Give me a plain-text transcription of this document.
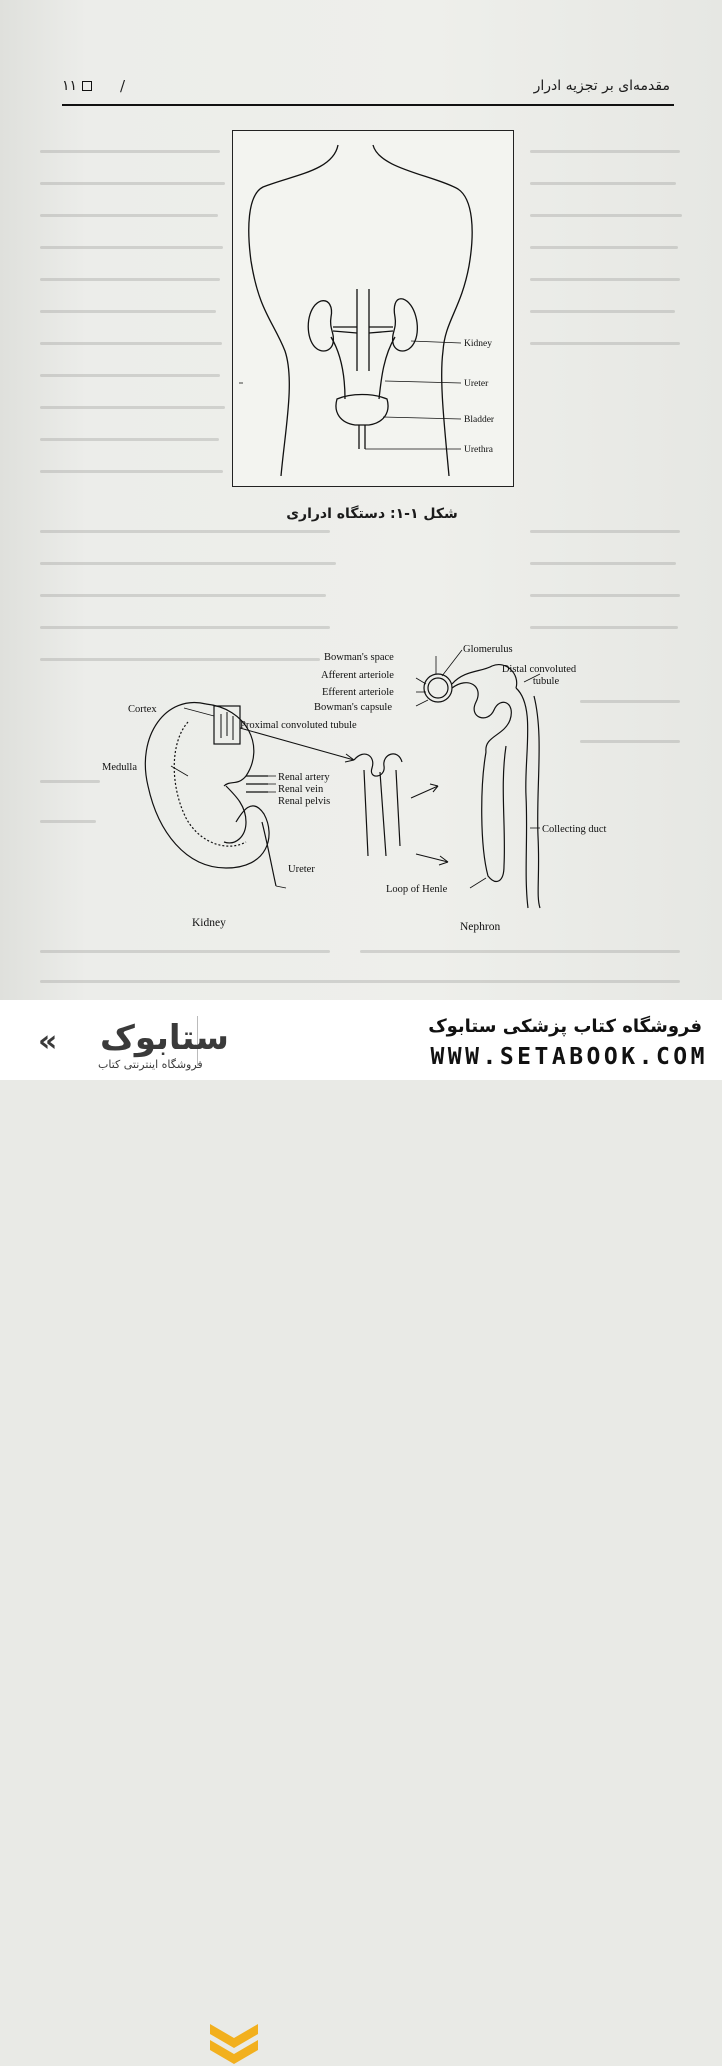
مقدمه‌ای بر تجزیه ادرار
۱۱	/
Kidney
Ureter
Bladder
Urethra
شکل ۱-۱: دستگاه ادراری
Bowman's space
Glomerulus
Afferent arteriole
Efferent arteriole
Bowman's capsule
Distal convoluted
tubule
Cortex
Proximal convoluted tubule
Medulla
Renal artery
Renal vein
Renal pelvis
Collecting duct
Ureter
Loop of Henle
Kidney	Nephron
ستابوک
فروشگاه اینترنتی کتاب
«	فروشگاه کتاب پزشکی ستابوک
WWW.SETABOOK.COM
